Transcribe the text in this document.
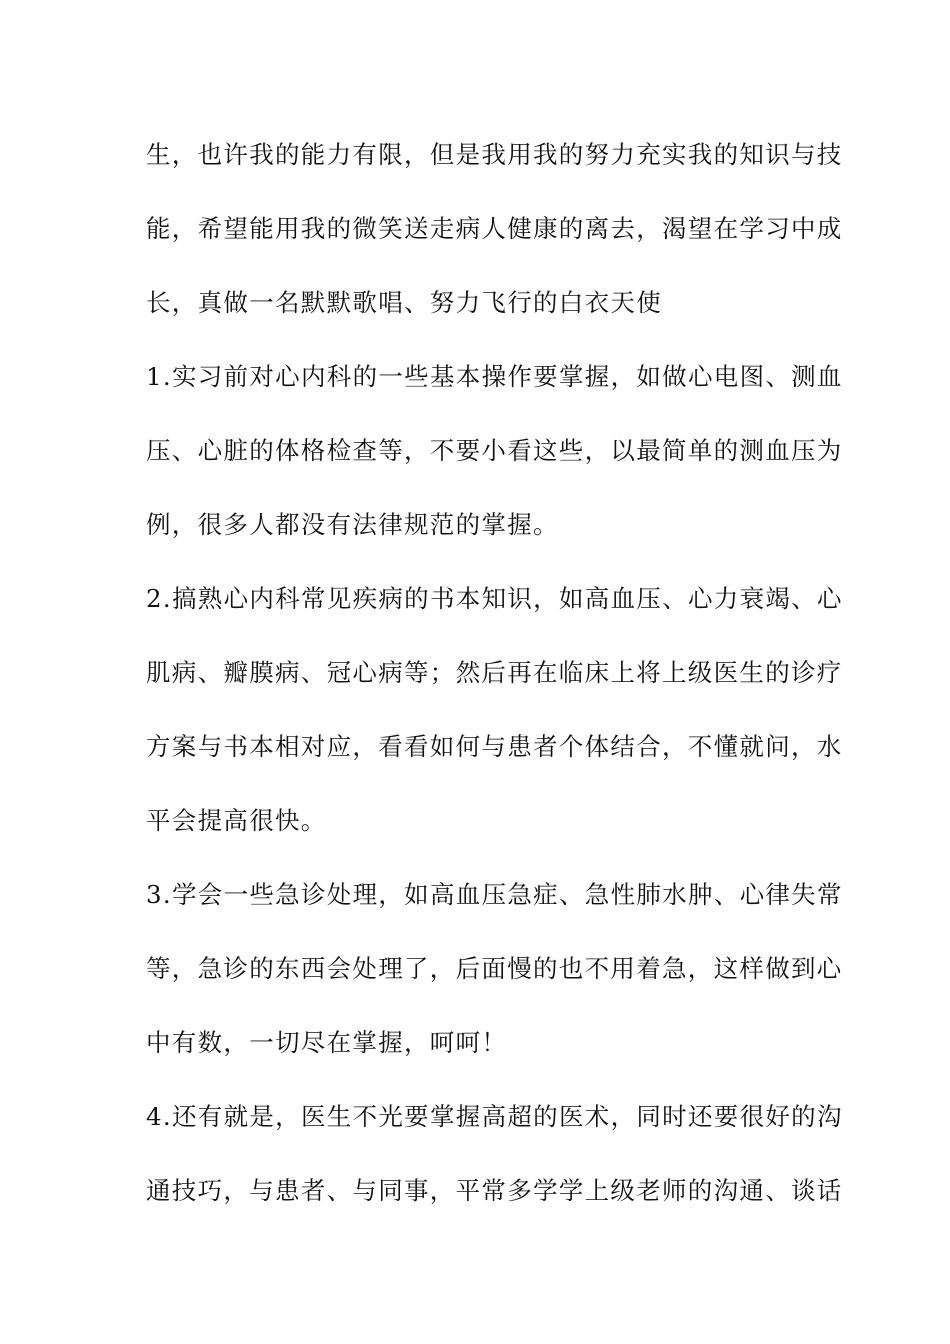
生，也许我的能力有限，但是我用我的努力充实我的知识与技
能，希望能用我的微笑送走病人健康的离去，渴望在学习中成
长，真做一名默默歌唱、努力飞行的白衣天使
1.实习前对心内科的一些基本操作要掌握，如做心电图、测血
压、心脏的体格检查等，不要小看这些，以最简单的测血压为
例，很多人都没有法律规范的掌握。
2.搞熟心内科常见疾病的书本知识，如高血压、心力衰竭、心
肌病、瓣膜病、冠心病等；然后再在临床上将上级医生的诊疗
方案与书本相对应，看看如何与患者个体结合，不懂就问，水
平会提高很快。
3.学会一些急诊处理，如高血压急症、急性肺水肿、心律失常
等，急诊的东西会处理了，后面慢的也不用着急，这样做到心
中有数，一切尽在掌握，呵呵！
4.还有就是，医生不光要掌握高超的医术，同时还要很好的沟
通技巧，与患者、与同事，平常多学学上级老师的沟通、谈话
